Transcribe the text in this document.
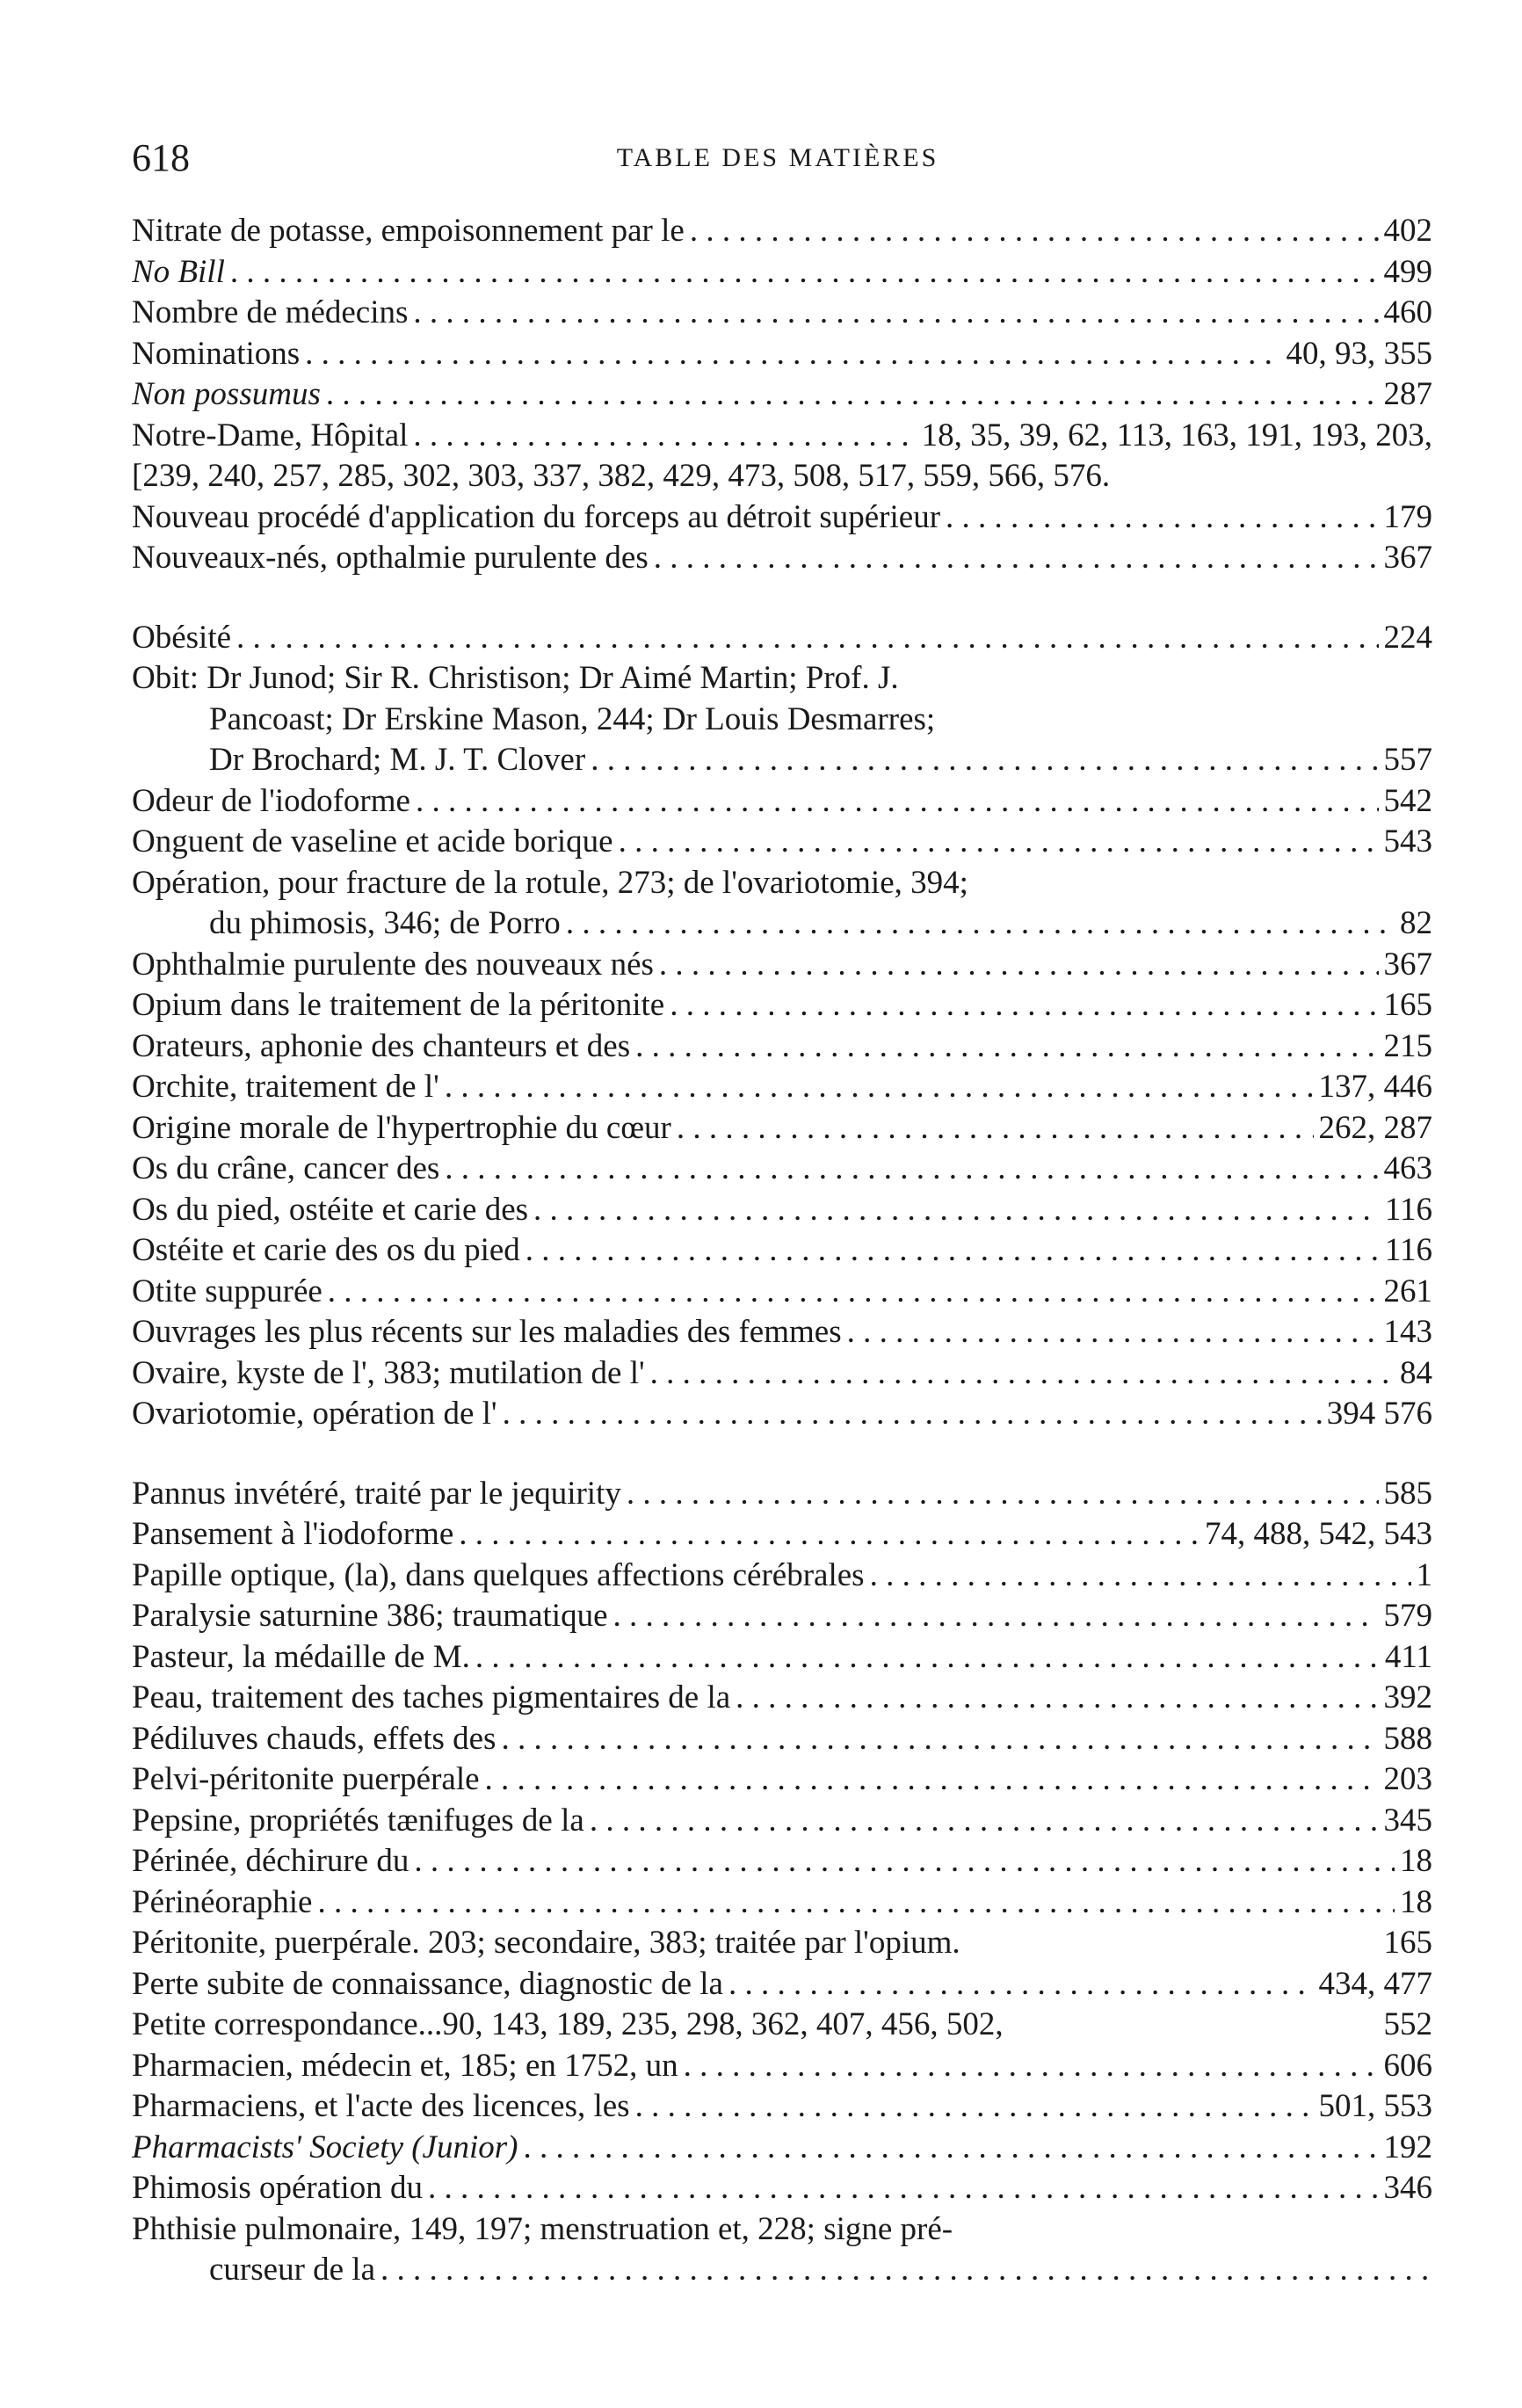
618	TABLE DES MATIÈRES
Nitrate de potasse, empoisonnement par le . . .	402
No Bill . . .	499
Nombre de médecins . . .	460
Nominations . . .	40, 93, 355
Non possumus . . .	287
Notre-Dame, Hôpital . . .	18, 35, 39, 62, 113, 163, 191, 193, 203,
[239, 240, 257, 285, 302, 303, 337, 382, 429, 473, 508, 517, 559, 566, 576.
Nouveau procédé d'application du forceps au détroit supérieur . . .	179
Nouveaux-nés, opthalmie purulente des . . .	367
Obésité . . .	224
Obit: Dr Junod; Sir R. Christison; Dr Aimé Martin; Prof. J.
Pancoast; Dr Erskine Mason, 244; Dr Louis Desmarres;
Dr Brochard; M. J. T. Clover . . .	557
Odeur de l'iodoforme . . .	542
Onguent de vaseline et acide borique . . .	543
Opération, pour fracture de la rotule, 273; de l'ovariotomie, 394;
du phimosis, 346; de Porro . . .	82
Ophthalmie purulente des nouveaux nés . . .	367
Opium dans le traitement de la péritonite . . .	165
Orateurs, aphonie des chanteurs et des . . .	215
Orchite, traitement de l' . . .	137, 446
Origine morale de l'hypertrophie du cœur . . .	262, 287
Os du crâne, cancer des . . .	463
Os du pied, ostéite et carie des . . .	116
Ostéite et carie des os du pied . . .	116
Otite suppurée . . .	261
Ouvrages les plus récents sur les maladies des femmes . . .	143
Ovaire, kyste de l', 383; mutilation de l' . . .	84
Ovariotomie, opération de l' . . .	394 576
Pannus invétéré, traité par le jequirity . . .	585
Pansement à l'iodoforme . . .	74, 488, 542, 543
Papille optique, (la), dans quelques affections cérébrales . . .	1
Paralysie saturnine 386; traumatique . . .	579
Pasteur, la médaille de M. . . .	411
Peau, traitement des taches pigmentaires de la . . .	392
Pédiluves chauds, effets des . . .	588
Pelvi-péritonite puerpérale . . .	203
Pepsine, propriétés tænifuges de la . . .	345
Périnée, déchirure du . . .	18
Périnéoraphie . . .	18
Péritonite, puerpérale. 203; secondaire, 383; traitée par l'opium.	165
Perte subite de connaissance, diagnostic de la . . .	434, 477
Petite correspondance...90, 143, 189, 235, 298, 362, 407, 456, 502,	552
Pharmacien, médecin et, 185; en 1752, un . . .	606
Pharmaciens, et l'acte des licences, les . . .	501, 553
Pharmacists' Society (Junior) . . .	192
Phimosis opération du . . .	346
Phthisie pulmonaire, 149, 197; menstruation et, 228; signe pré-
curseur de la
. . .
